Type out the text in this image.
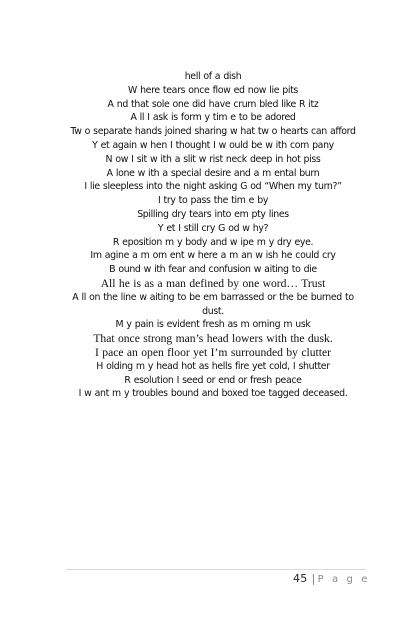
hell of a dish

W here tears once flow ed now lie pits

A nd that sole one did have crum bled like R itz

A ll I ask is form y tim e to be adored

Tw o separate hands joined sharing w hat tw o hearts can afford

Y et again w hen I thought I w ould be w ith com pany

N ow I sit w ith a slit w rist neck deep in hot piss

A lone w ith a special desire and a m ental burn

I lie sleepless into the night asking G od “When my turn?”

I try to pass the tim e by

Spilling dry tears into em pty lines

Y et I still cry G od w hy?

R eposition m y body and w ipe m y dry eye.

Im agine a m om ent w here a m an w ish he could cry

B ound w ith fear and confusion w aiting to die

All he is as a man defined by one word… Trust

A ll on the line w aiting to be em barrassed or the be burned to dust.

M y pain is evident fresh as m orning m usk

That once strong man’s head lowers with the dusk.

I pace an open floor yet I’m surrounded by clutter

H olding m y head hot as hells fire yet cold, I shutter

R esolution I seed or end or fresh peace

I w ant m y troubles bound and boxed toe tagged deceased.

45 | P a g e
